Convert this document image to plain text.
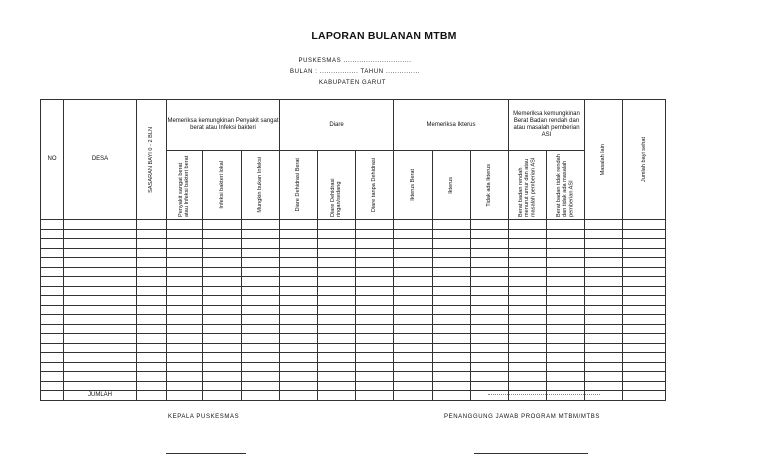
LAPORAN BULANAN MTBM
PUSKESMAS ..............................
BULAN : ................. TAHUN ...............
KABUPATEN GARUT
NO	DESA	SASARAN BAYI 0 - 2 BLN	Memeriksa kemungkinan Penyakit sangat berat atau Infeksi bakteri			Diare			Memeriksa Ikterus			Memeriksa kemungkinan Berat Badan rendah dan atau masalah pemberian ASI		Masalah lain	Jumlah bayi sehat

			Penyakit sangat berat atau Infeksi bakteri berat	Infeksi bakteri lokal	Mungkin bukan Infeksi	Diare Dehidrasi Berat	Diare Dehidrasi ringan/sedang	Diare tanpa Dehidrasi	Ikterus Berat	Ikterus	Tidak ada Ikterus	Berat badan rendah menurut umur dan atau masalah pemberian ASI	Berat badan tidak rendah dan tidak ada masalah pemberian ASI		

	JUMLAH														
KEPALA PUSKESMAS	PENANGGUNG JAWAB PROGRAM MTBM/MTBS
